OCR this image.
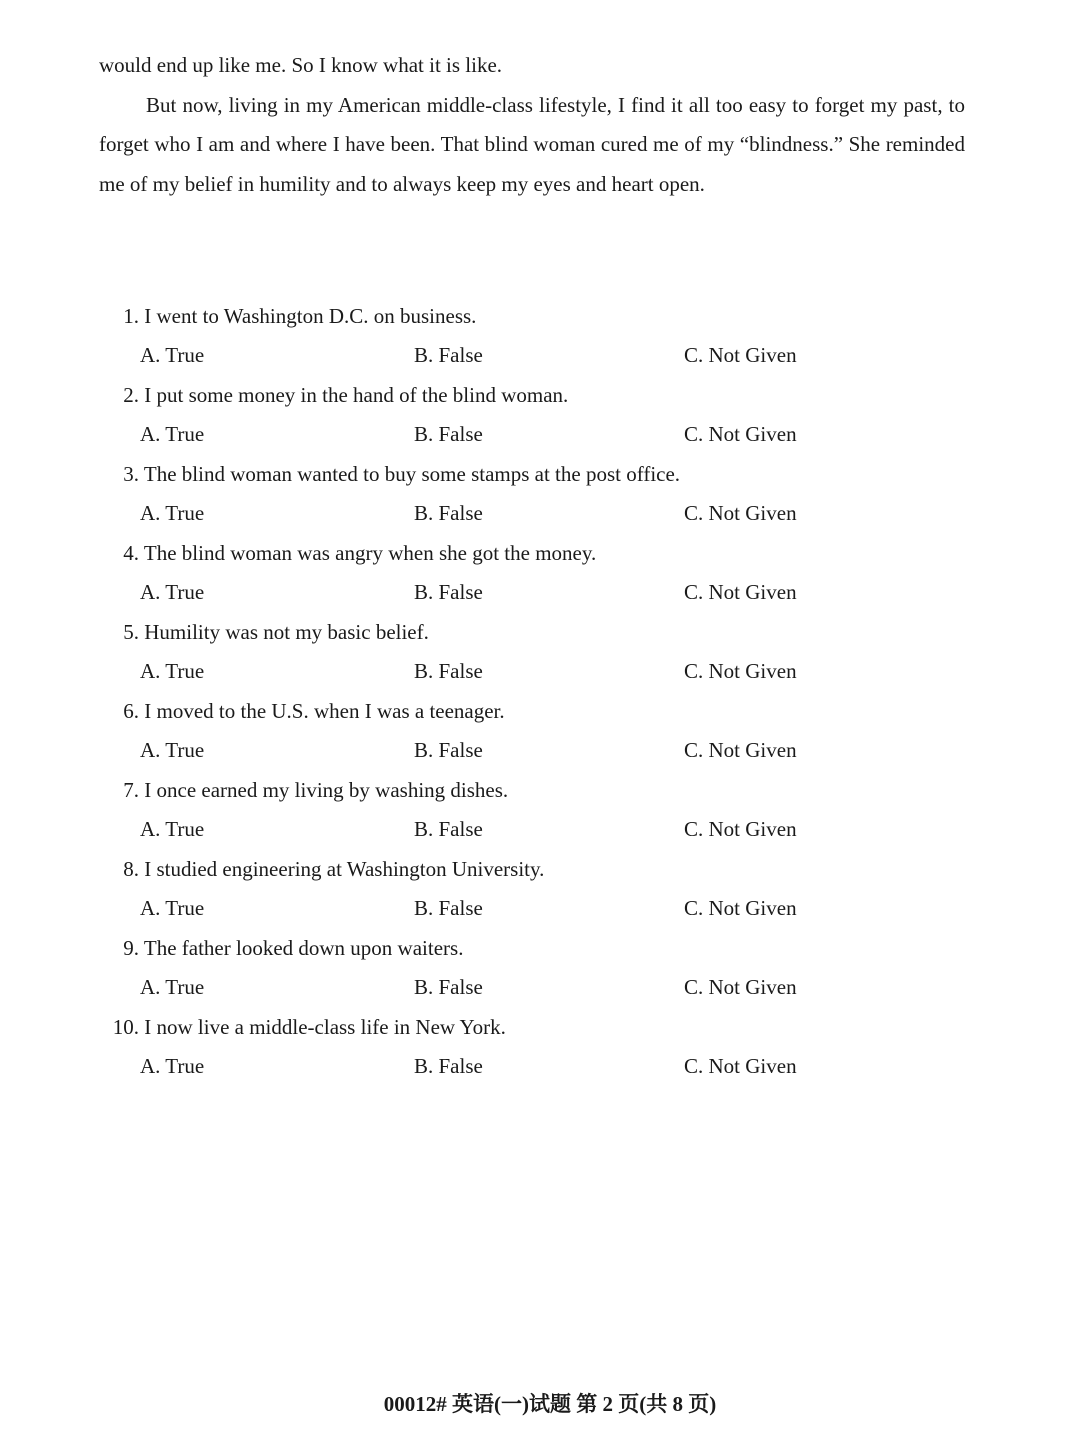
would end up like me. So I know what it is like.

But now, living in my American middle-class lifestyle, I find it all too easy to forget my past, to forget who I am and where I have been. That blind woman cured me of my “blindness.” She reminded me of my belief in humility and to always keep my eyes and heart open.

1. I went to Washington D.C. on business.
A. True	B. False	C. Not Given
2. I put some money in the hand of the blind woman.
A. True	B. False	C. Not Given
3. The blind woman wanted to buy some stamps at the post office.
A. True	B. False	C. Not Given
4. The blind woman was angry when she got the money.
A. True	B. False	C. Not Given
5. Humility was not my basic belief.
A. True	B. False	C. Not Given
6. I moved to the U.S. when I was a teenager.
A. True	B. False	C. Not Given
7. I once earned my living by washing dishes.
A. True	B. False	C. Not Given
8. I studied engineering at Washington University.
A. True	B. False	C. Not Given
9. The father looked down upon waiters.
A. True	B. False	C. Not Given
10. I now live a middle-class life in New York.
A. True	B. False	C. Not Given
00012# 英语(一)试题 第 2 页(共 8 页)
